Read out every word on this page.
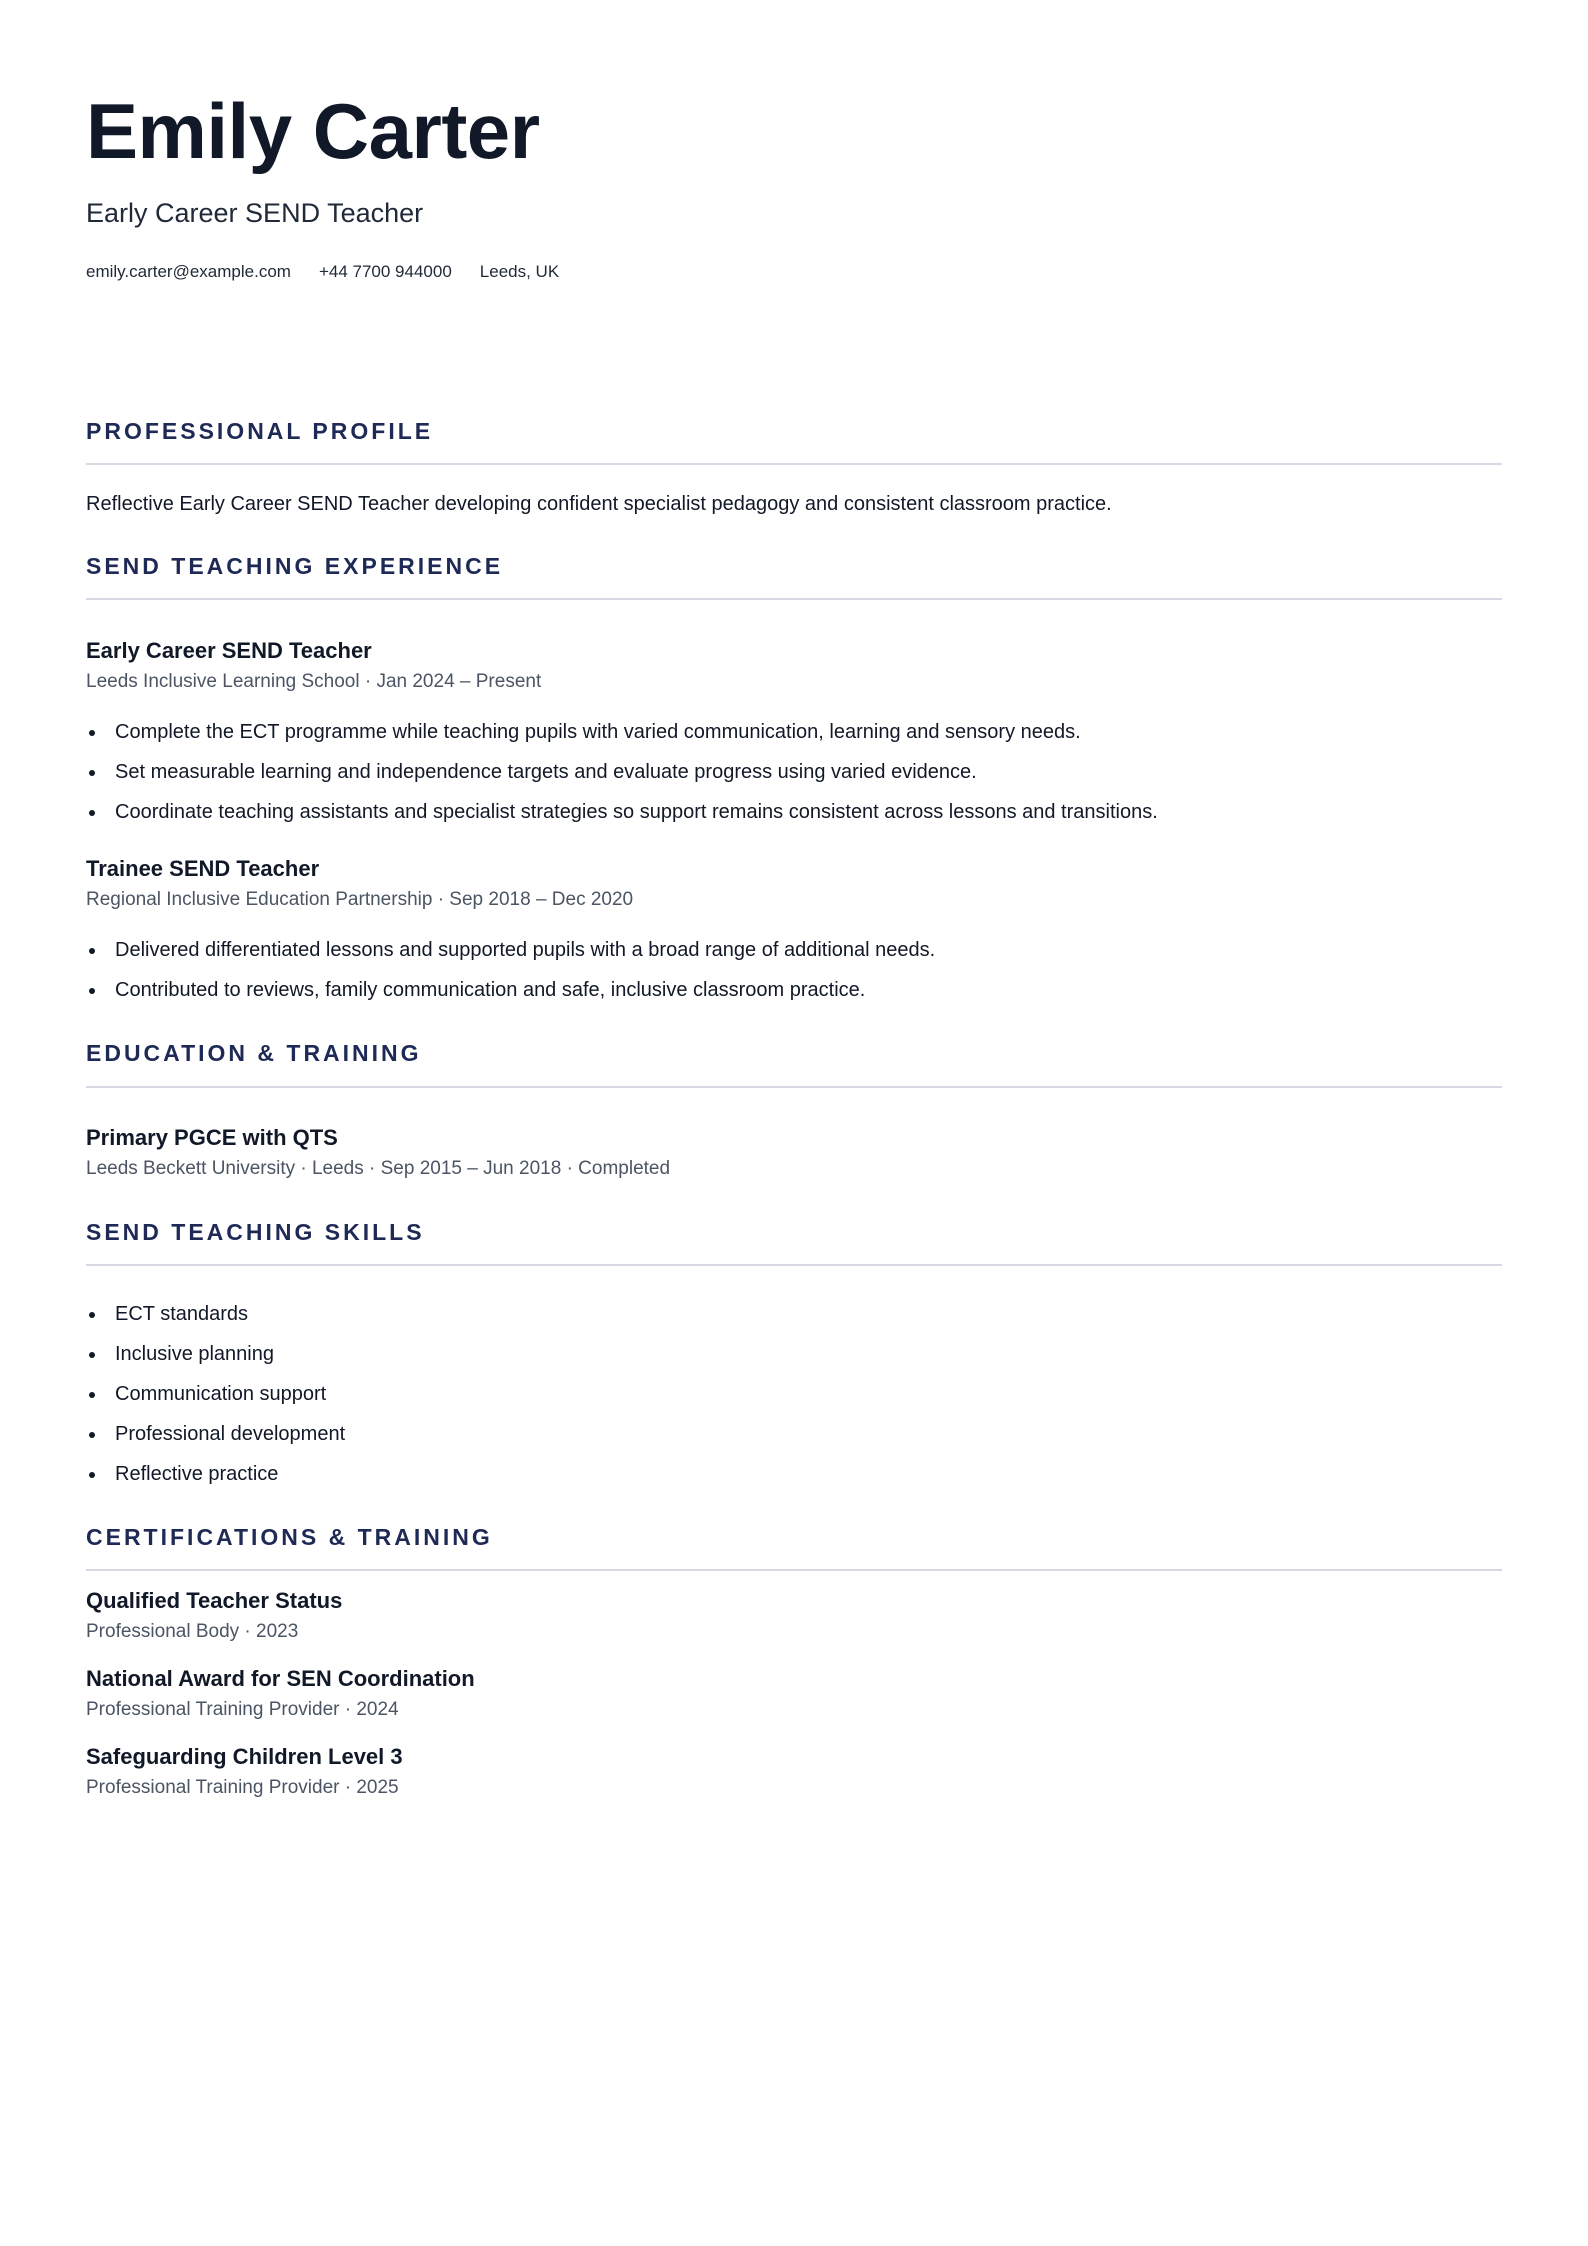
Emily Carter
Early Career SEND Teacher
emily.carter@example.com +44 7700 944000 Leeds, UK
PROFESSIONAL PROFILE
Reflective Early Career SEND Teacher developing confident specialist pedagogy and consistent classroom practice.
SEND TEACHING EXPERIENCE
Early Career SEND Teacher
Leeds Inclusive Learning School · Jan 2024 – Present
Complete the ECT programme while teaching pupils with varied communication, learning and sensory needs.
Set measurable learning and independence targets and evaluate progress using varied evidence.
Coordinate teaching assistants and specialist strategies so support remains consistent across lessons and transitions.
Trainee SEND Teacher
Regional Inclusive Education Partnership · Sep 2018 – Dec 2020
Delivered differentiated lessons and supported pupils with a broad range of additional needs.
Contributed to reviews, family communication and safe, inclusive classroom practice.
EDUCATION & TRAINING
Primary PGCE with QTS
Leeds Beckett University · Leeds · Sep 2015 – Jun 2018 · Completed
SEND TEACHING SKILLS
ECT standards
Inclusive planning
Communication support
Professional development
Reflective practice
CERTIFICATIONS & TRAINING
Qualified Teacher Status
Professional Body · 2023
National Award for SEN Coordination
Professional Training Provider · 2024
Safeguarding Children Level 3
Professional Training Provider · 2025
